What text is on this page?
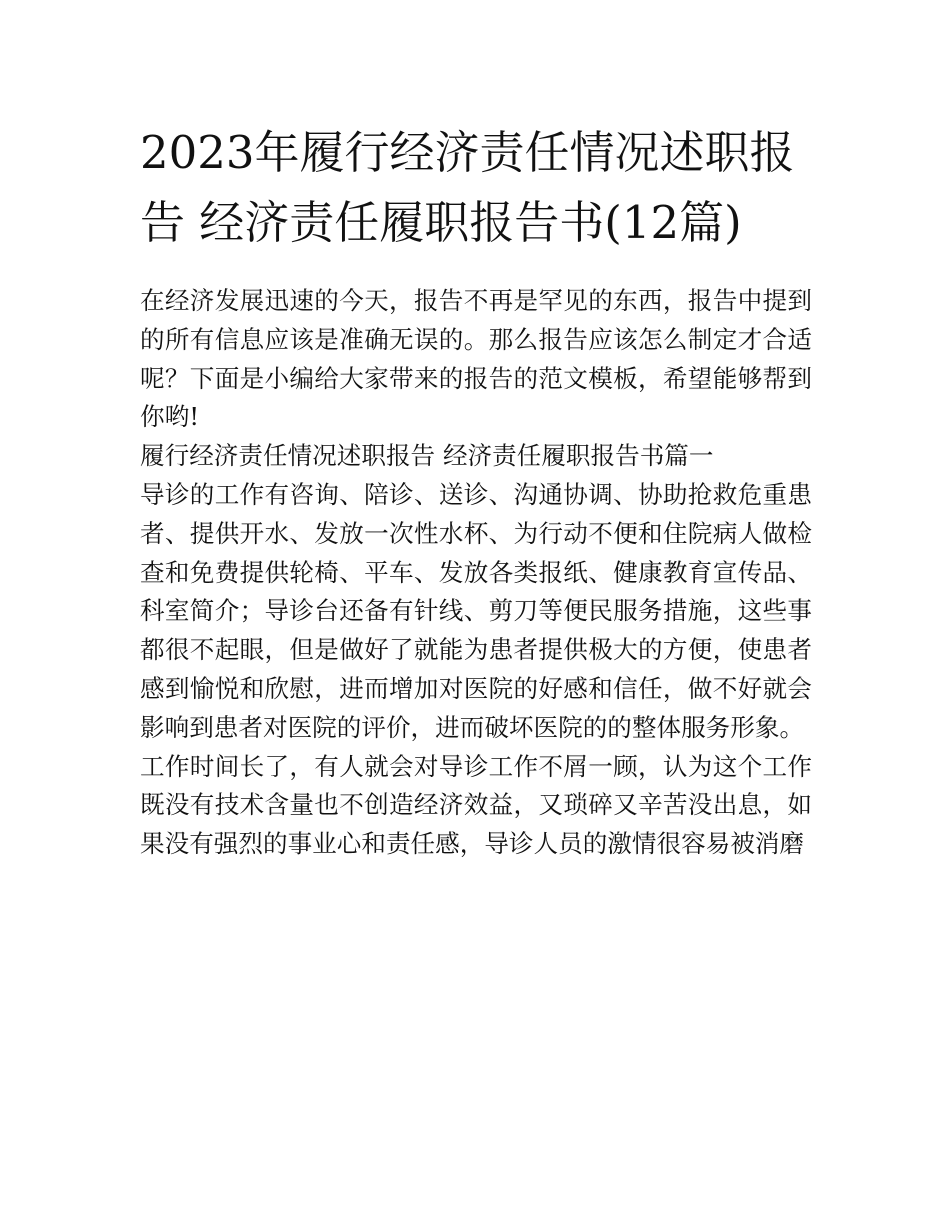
2023年履行经济责任情况述职报告 经济责任履职报告书(12篇)

在经济发展迅速的今天，报告不再是罕见的东西，报告中提到的所有信息应该是准确无误的。那么报告应该怎么制定才合适呢？下面是小编给大家带来的报告的范文模板，希望能够帮到你哟!

履行经济责任情况述职报告 经济责任履职报告书篇一

导诊的工作有咨询、陪诊、送诊、沟通协调、协助抢救危重患者、提供开水、发放一次性水杯、为行动不便和住院病人做检查和免费提供轮椅、平车、发放各类报纸、健康教育宣传品、科室简介；导诊台还备有针线、剪刀等便民服务措施，这些事都很不起眼，但是做好了就能为患者提供极大的方便，使患者感到愉悦和欣慰，进而增加对医院的好感和信任，做不好就会影响到患者对医院的评价，进而破坏医院的的整体服务形象。

工作时间长了，有人就会对导诊工作不屑一顾，认为这个工作既没有技术含量也不创造经济效益，又琐碎又辛苦没出息，如果没有强烈的事业心和责任感，导诊人员的激情很容易被消磨
